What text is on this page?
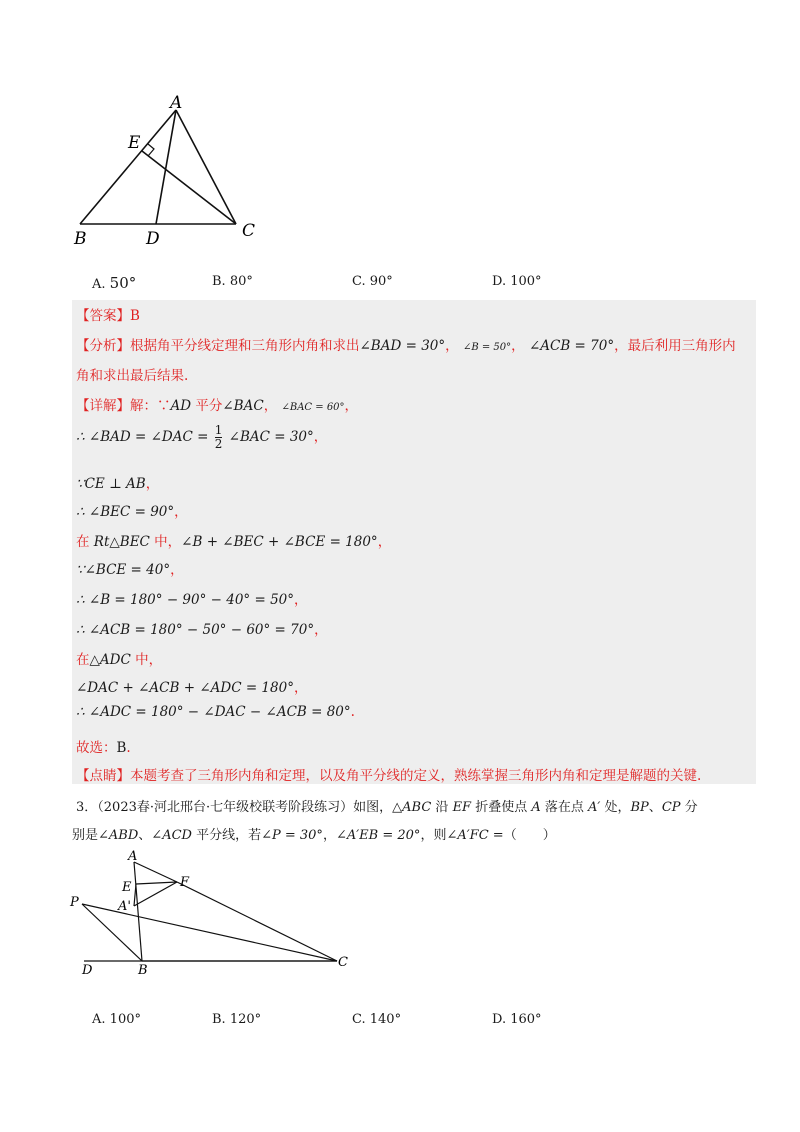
A
E
B	D	C
A. 50°	B. 80°	C. 90°	D. 100°
【答案】B
【分析】根据角平分线定理和三角形内角和求出∠BAD = 30°， ∠B = 50°， ∠ACB = 70°，最后利用三角形内
角和求出最后结果.
【详解】解：∵AD 平分∠BAC， ∠BAC = 60°，
∴ ∠BAD = ∠DAC = $\frac{1}{2}$ ∠BAC = 30°，
∵CE ⊥ AB，
∴ ∠BEC = 90°，
在 Rt△BEC 中，∠B + ∠BEC + ∠BCE = 180°，
∵∠BCE = 40°，
∴ ∠B = 180° − 90° − 40° = 50°，
∴ ∠ACB = 180° − 50° − 60° = 70°，
在△ADC 中，
∠DAC + ∠ACB + ∠ADC = 180°，
∴ ∠ADC = 180° − ∠DAC − ∠ACB = 80°.
故选：B.
【点睛】本题考查了三角形内角和定理，以及角平分线的定义，熟练掌握三角形内角和定理是解题的关键.
3．（2023春·河北邢台·七年级校联考阶段练习）如图，△ABC 沿 EF 折叠使点 A 落在点 A′ 处，BP、CP 分
别是∠ABD、∠ACD 平分线，若∠P = 30°，∠A′EB = 20°，则∠A′FC =（　　）
A
E	F
A'
P
D	B
C
A. 100°	B. 120°	C. 140°	D. 160°
